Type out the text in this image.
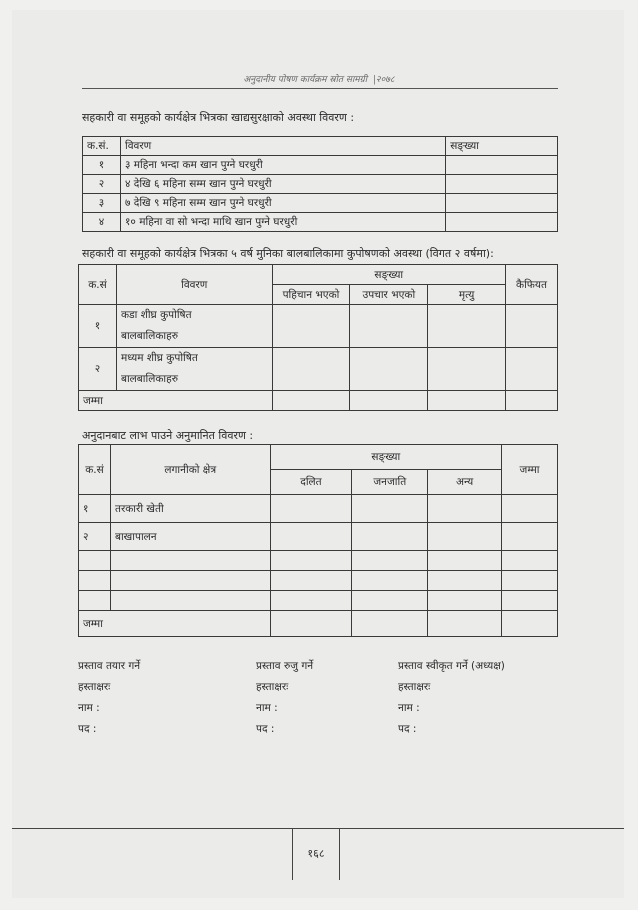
अनुदानीय पोषण कार्यक्रम स्रोत सामग्री  |२०७८
सहकारी वा समूहको कार्यक्षेत्र भित्रका खाद्यसुरक्षाको अवस्था विवरण :
क.सं.	विवरण	सङ्ख्या
१	३ महिना भन्दा कम खान पुग्ने घरधुरी	
२	४ देखि ६ महिना सम्म खान पुग्ने घरधुरी	
३	७ देखि ९ महिना सम्म खान पुग्ने घरधुरी	
४	१० महिना वा सो भन्दा माथि खान पुग्ने घरधुरी	
सहकारी वा समूहको कार्यक्षेत्र भित्रका ५ वर्ष मुनिका बालबालिकामा कुपोषणको अवस्था (विगत २ वर्षमा):
क.सं	विवरण	सङ्ख्या			कैफियत
		पहिचान भएको	उपचार भएको	मृत्यु	
१	कडा शीघ्र कुपोषित
बालबालिकाहरु				

२	मध्यम शीघ्र कुपोषित
बालबालिकाहरु				

जम्मा					
अनुदानबाट लाभ पाउने अनुमानित विवरण :
क.सं	लगानीको क्षेत्र	सङ्ख्या			जम्मा
		दलित	जनजाति	अन्य	
१	तरकारी खेती				
२	बाखापालन				

जम्मा					
प्रस्ताव तयार गर्ने
हस्ताक्षरः
नाम :
पद :
प्रस्ताव रुजु गर्ने
हस्ताक्षरः
नाम :
पद :
प्रस्ताव स्वीकृत गर्ने (अध्यक्ष)
हस्ताक्षरः
नाम :
पद :
१६८
